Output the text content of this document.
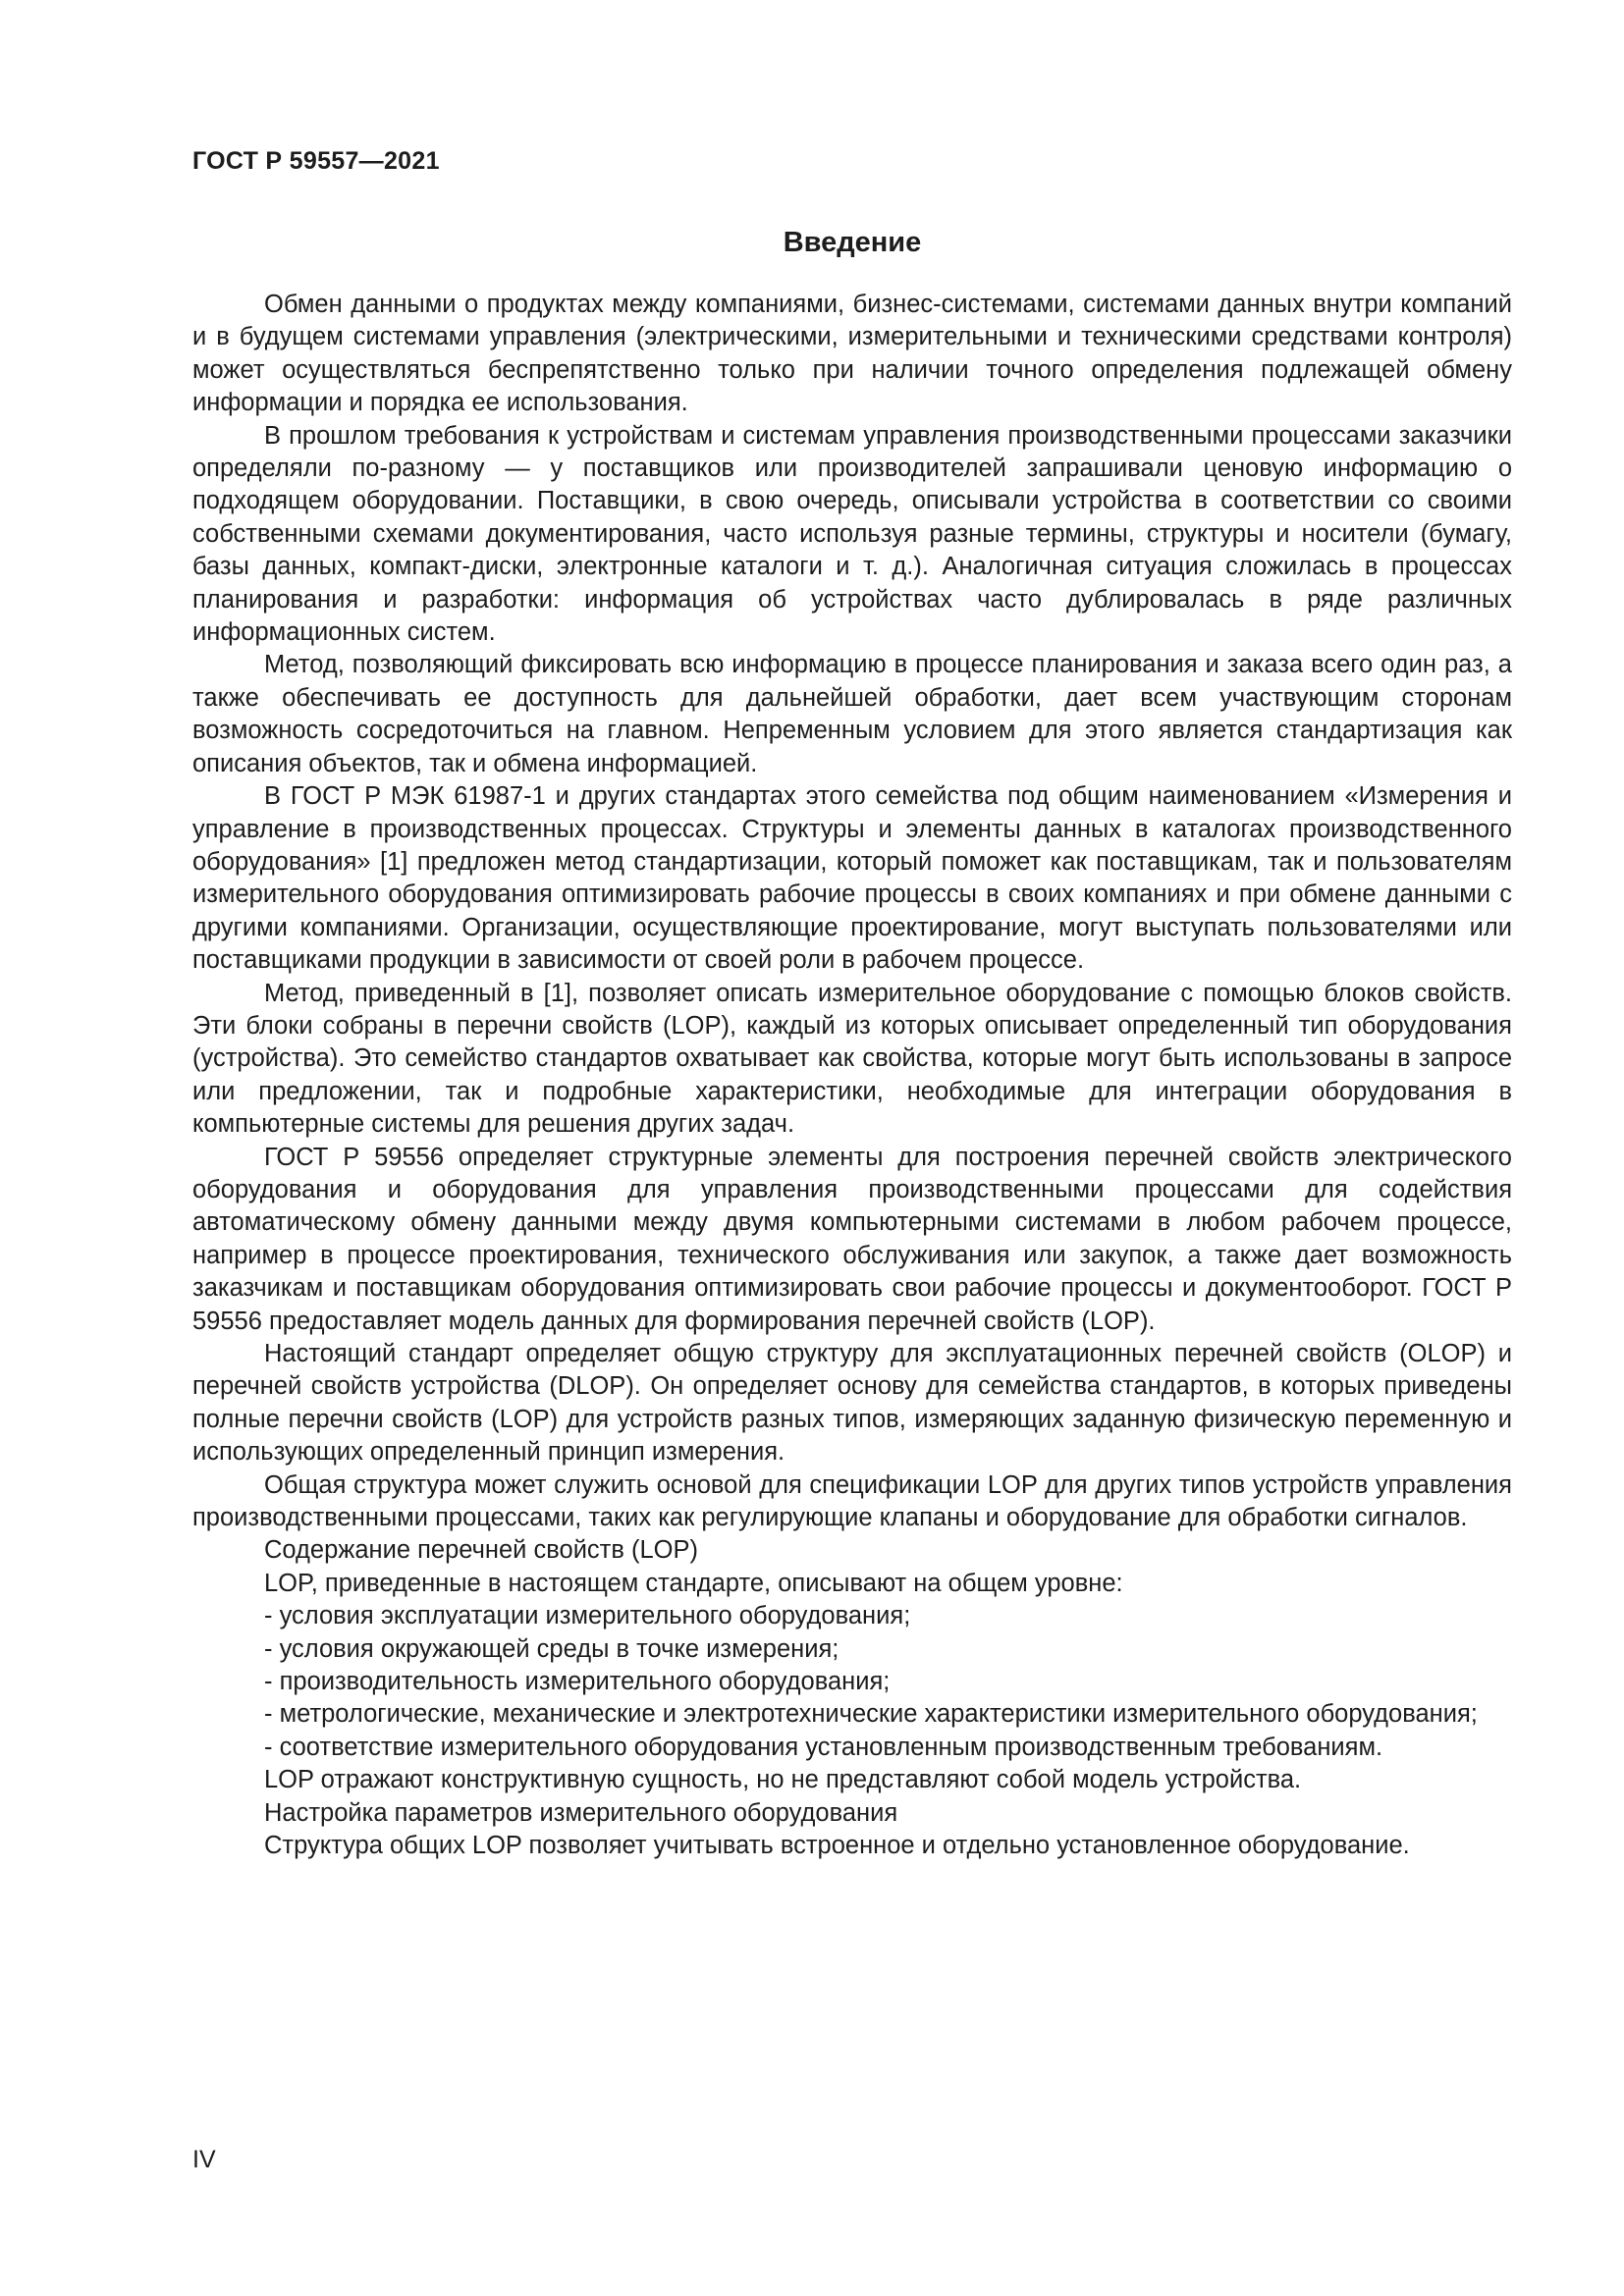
ГОСТ Р 59557—2021
Введение

Обмен данными о продуктах между компаниями, бизнес-системами, системами данных внутри компаний и в будущем системами управления (электрическими, измерительными и техническими средствами контроля) может осуществляться беспрепятственно только при наличии точного определения подлежащей обмену информации и порядка ее использования.

В прошлом требования к устройствам и системам управления производственными процессами заказчики определяли по-разному — у поставщиков или производителей запрашивали ценовую информацию о подходящем оборудовании. Поставщики, в свою очередь, описывали устройства в соответствии со своими собственными схемами документирования, часто используя разные термины, структуры и носители (бумагу, базы данных, компакт-диски, электронные каталоги и т. д.). Аналогичная ситуация сложилась в процессах планирования и разработки: информация об устройствах часто дублировалась в ряде различных информационных систем.

Метод, позволяющий фиксировать всю информацию в процессе планирования и заказа всего один раз, а также обеспечивать ее доступность для дальнейшей обработки, дает всем участвующим сторонам возможность сосредоточиться на главном. Непременным условием для этого является стандартизация как описания объектов, так и обмена информацией.

В ГОСТ Р МЭК 61987-1 и других стандартах этого семейства под общим наименованием «Измерения и управление в производственных процессах. Структуры и элементы данных в каталогах производственного оборудования» [1] предложен метод стандартизации, который поможет как поставщикам, так и пользователям измерительного оборудования оптимизировать рабочие процессы в своих компаниях и при обмене данными с другими компаниями. Организации, осуществляющие проектирование, могут выступать пользователями или поставщиками продукции в зависимости от своей роли в рабочем процессе.

Метод, приведенный в [1], позволяет описать измерительное оборудование с помощью блоков свойств. Эти блоки собраны в перечни свойств (LOP), каждый из которых описывает определенный тип оборудования (устройства). Это семейство стандартов охватывает как свойства, которые могут быть использованы в запросе или предложении, так и подробные характеристики, необходимые для интеграции оборудования в компьютерные системы для решения других задач.

ГОСТ Р 59556 определяет структурные элементы для построения перечней свойств электрического оборудования и оборудования для управления производственными процессами для содействия автоматическому обмену данными между двумя компьютерными системами в любом рабочем процессе, например в процессе проектирования, технического обслуживания или закупок, а также дает возможность заказчикам и поставщикам оборудования оптимизировать свои рабочие процессы и документооборот. ГОСТ Р 59556 предоставляет модель данных для формирования перечней свойств (LOP).

Настоящий стандарт определяет общую структуру для эксплуатационных перечней свойств (OLOP) и перечней свойств устройства (DLOP). Он определяет основу для семейства стандартов, в которых приведены полные перечни свойств (LOP) для устройств разных типов, измеряющих заданную физическую переменную и использующих определенный принцип измерения.

Общая структура может служить основой для спецификации LOP для других типов устройств управления производственными процессами, таких как регулирующие клапаны и оборудование для обработки сигналов.

Содержание перечней свойств (LOP)

LOP, приведенные в настоящем стандарте, описывают на общем уровне:

- условия эксплуатации измерительного оборудования;

- условия окружающей среды в точке измерения;

- производительность измерительного оборудования;

- метрологические, механические и электротехнические характеристики измерительного оборудования;

- соответствие измерительного оборудования установленным производственным требованиям.

LOP отражают конструктивную сущность, но не представляют собой модель устройства.

Настройка параметров измерительного оборудования

Структура общих LOP позволяет учитывать встроенное и отдельно установленное оборудование.

IV
